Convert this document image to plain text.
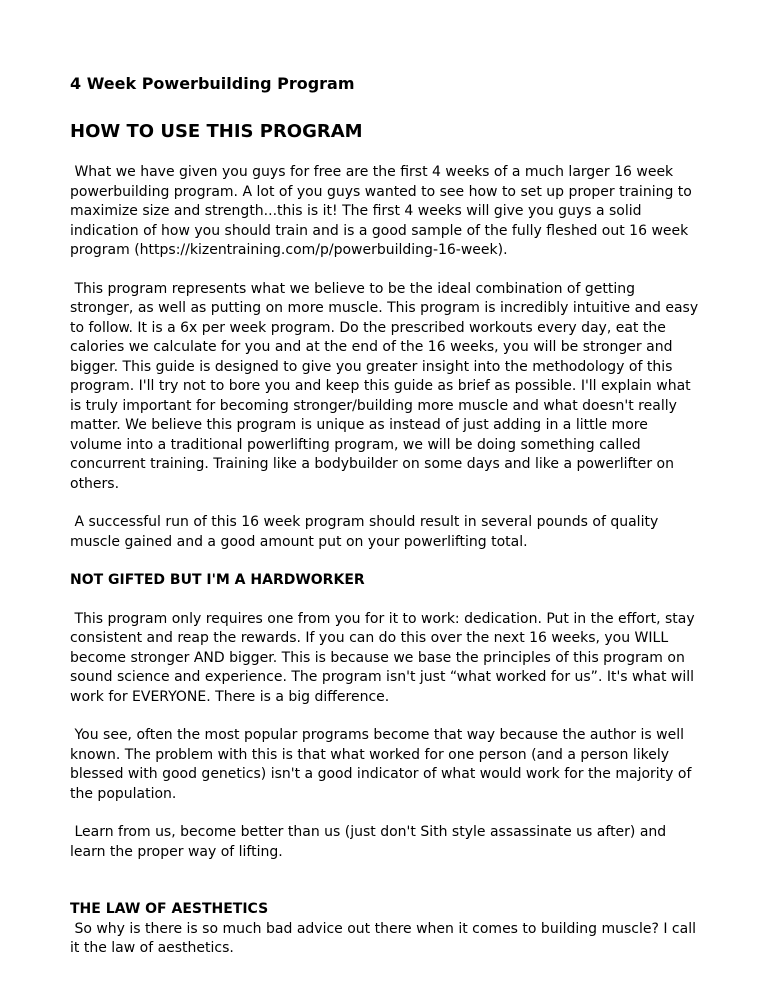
4 Week Powerbuilding Program
HOW TO USE THIS PROGRAM

What we have given you guys for free are the first 4 weeks of a much larger 16 week powerbuilding program. A lot of you guys wanted to see how to set up proper training to maximize size and strength...this is it! The first 4 weeks will give you guys a solid indication of how you should train and is a good sample of the fully fleshed out 16 week program (https://kizentraining.com/p/powerbuilding-16-week).

This program represents what we believe to be the ideal combination of getting stronger, as well as putting on more muscle. This program is incredibly intuitive and easy to follow. It is a 6x per week program. Do the prescribed workouts every day, eat the calories we calculate for you and at the end of the 16 weeks, you will be stronger and bigger. This guide is designed to give you greater insight into the methodology of this program. I'll try not to bore you and keep this guide as brief as possible. I'll explain what is truly important for becoming stronger/building more muscle and what doesn't really matter. We believe this program is unique as instead of just adding in a little more volume into a traditional powerlifting program, we will be doing something called concurrent training. Training like a bodybuilder on some days and like a powerlifter on others.

A successful run of this 16 week program should result in several pounds of quality muscle gained and a good amount put on your powerlifting total.

NOT GIFTED BUT I'M A HARDWORKER

This program only requires one from you for it to work: dedication. Put in the effort, stay consistent and reap the rewards. If you can do this over the next 16 weeks, you WILL become stronger AND bigger. This is because we base the principles of this program on sound science and experience. The program isn't just “what worked for us”. It's what will work for EVERYONE. There is a big difference.

You see, often the most popular programs become that way because the author is well known. The problem with this is that what worked for one person (and a person likely blessed with good genetics) isn't a good indicator of what would work for the majority of the population.

Learn from us, become better than us (just don't Sith style assassinate us after) and learn the proper way of lifting.

THE LAW OF AESTHETICS

So why is there is so much bad advice out there when it comes to building muscle? I call it the law of aesthetics.
